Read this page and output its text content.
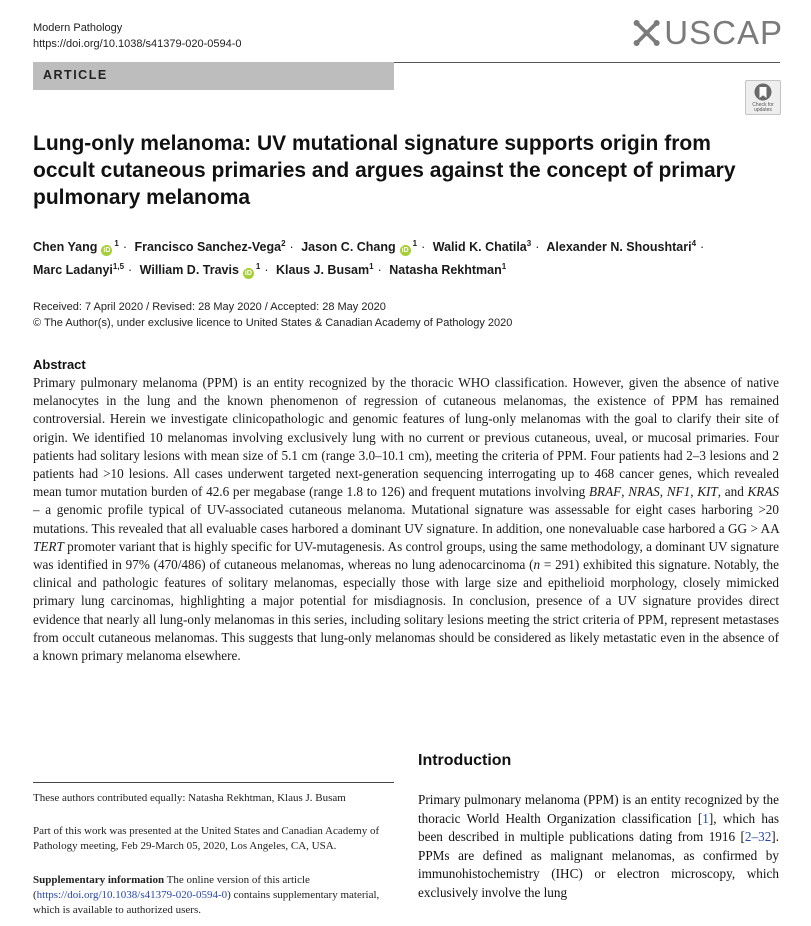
Modern Pathology
https://doi.org/10.1038/s41379-020-0594-0	USCAP
ARTICLE
Check for updates
Lung-only melanoma: UV mutational signature supports origin from occult cutaneous primaries and argues against the concept of primary pulmonary melanoma
Chen Yang $iD^1$ · Francisco Sanchez-Vega$^2$ · Jason C. Chang $iD^1$ · Walid K. Chatila$^3$ · Alexander N. Shoushtari$^4$ ·
Marc Ladanyi$^{1,5}$ · William D. Travis $iD^1$ · Klaus J. Busam$^1$ · Natasha Rekhtman$^1$
Received: 7 April 2020 / Revised: 28 May 2020 / Accepted: 28 May 2020
© The Author(s), under exclusive licence to United States & Canadian Academy of Pathology 2020
Abstract

Primary pulmonary melanoma (PPM) is an entity recognized by the thoracic WHO classification. However, given the absence of native melanocytes in the lung and the known phenomenon of regression of cutaneous melanomas, the existence of PPM has remained controversial. Herein we investigate clinicopathologic and genomic features of lung-only melanomas with the goal to clarify their site of origin. We identified 10 melanomas involving exclusively lung with no current or previous cutaneous, uveal, or mucosal primaries. Four patients had solitary lesions with mean size of 5.1 cm (range 3.0–10.1 cm), meeting the criteria of PPM. Four patients had 2–3 lesions and 2 patients had >10 lesions. All cases underwent targeted next-generation sequencing interrogating up to 468 cancer genes, which revealed mean tumor mutation burden of 42.6 per megabase (range 1.8 to 126) and frequent mutations involving BRAF, NRAS, NF1, KIT, and KRAS – a genomic profile typical of UV-associated cutaneous melanoma. Mutational signature was assessable for eight cases harboring >20 mutations. This revealed that all evaluable cases harbored a dominant UV signature. In addition, one nonevaluable case harbored a GG > AA TERT promoter variant that is highly specific for UV-mutagenesis. As control groups, using the same methodology, a dominant UV signature was identified in 97% (470/486) of cutaneous melanomas, whereas no lung adenocarcinoma (n = 291) exhibited this signature. Notably, the clinical and pathologic features of solitary melanomas, especially those with large size and epithelioid morphology, closely mimicked primary lung carcinomas, highlighting a major potential for misdiagnosis. In conclusion, presence of a UV signature provides direct evidence that nearly all lung-only melanomas in this series, including solitary lesions meeting the strict criteria of PPM, represent metastases from occult cutaneous melanomas. This suggests that lung-only melanomas should be considered as likely metastatic even in the absence of a known primary melanoma elsewhere.

Introduction

Primary pulmonary melanoma (PPM) is an entity recognized by the thoracic World Health Organization classification [1], which has been described in multiple publications dating from 1916 [2–32]. PPMs are defined as malignant melanomas, as confirmed by immunohistochemistry (IHC) or electron microscopy, which exclusively involve the lung

These authors contributed equally: Natasha Rekhtman, Klaus J. Busam

Part of this work was presented at the United States and Canadian Academy of Pathology meeting, Feb 29-March 05, 2020, Los Angeles, CA, USA.

Supplementary information The online version of this article (https://doi.org/10.1038/s41379-020-0594-0) contains supplementary material, which is available to authorized users.
